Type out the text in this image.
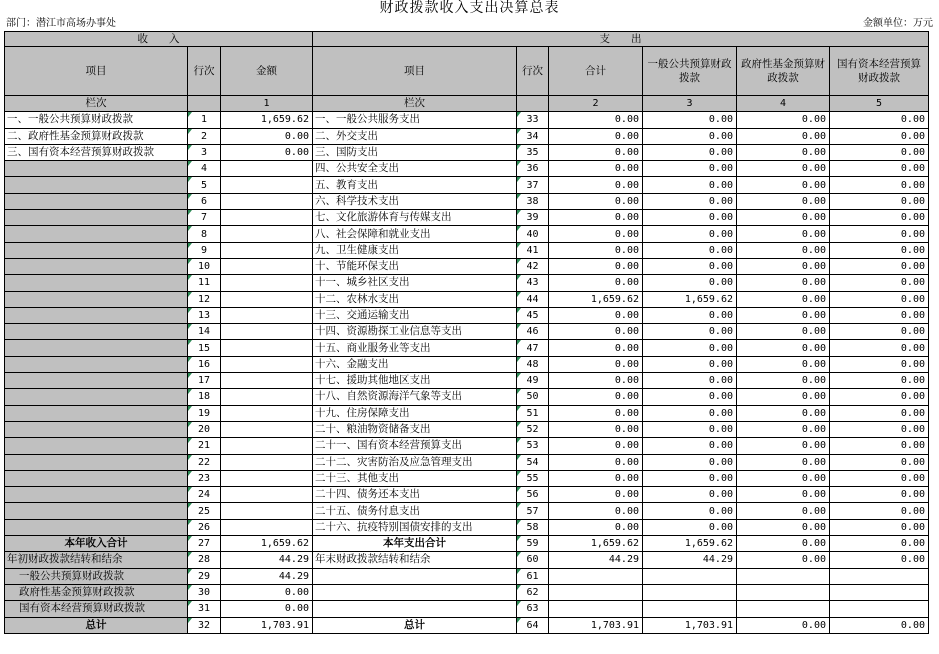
财政拨款收入支出决算总表
部门：潜江市高场办事处	金额单位：万元
收　　入			支　　出					
项目	行次	金额	项目	行次	合计	一般公共预算财政拨款	政府性基金预算财政拨款	国有资本经营预算财政拨款
栏次		1	栏次		2	3	4	5
一、一般公共预算财政拨款	1	1,659.62	一、一般公共服务支出	33	0.00	0.00	0.00	0.00
二、政府性基金预算财政拨款	2	0.00	二、外交支出	34	0.00	0.00	0.00	0.00
三、国有资本经营预算财政拨款	3	0.00	三、国防支出	35	0.00	0.00	0.00	0.00
	4		四、公共安全支出	36	0.00	0.00	0.00	0.00
	5		五、教育支出	37	0.00	0.00	0.00	0.00
	6		六、科学技术支出	38	0.00	0.00	0.00	0.00
	7		七、文化旅游体育与传媒支出	39	0.00	0.00	0.00	0.00
	8		八、社会保障和就业支出	40	0.00	0.00	0.00	0.00
	9		九、卫生健康支出	41	0.00	0.00	0.00	0.00
	10		十、节能环保支出	42	0.00	0.00	0.00	0.00
	11		十一、城乡社区支出	43	0.00	0.00	0.00	0.00
	12		十二、农林水支出	44	1,659.62	1,659.62	0.00	0.00
	13		十三、交通运输支出	45	0.00	0.00	0.00	0.00
	14		十四、资源勘探工业信息等支出	46	0.00	0.00	0.00	0.00
	15		十五、商业服务业等支出	47	0.00	0.00	0.00	0.00
	16		十六、金融支出	48	0.00	0.00	0.00	0.00
	17		十七、援助其他地区支出	49	0.00	0.00	0.00	0.00
	18		十八、自然资源海洋气象等支出	50	0.00	0.00	0.00	0.00
	19		十九、住房保障支出	51	0.00	0.00	0.00	0.00
	20		二十、粮油物资储备支出	52	0.00	0.00	0.00	0.00
	21		二十一、国有资本经营预算支出	53	0.00	0.00	0.00	0.00
	22		二十二、灾害防治及应急管理支出	54	0.00	0.00	0.00	0.00
	23		二十三、其他支出	55	0.00	0.00	0.00	0.00
	24		二十四、债务还本支出	56	0.00	0.00	0.00	0.00
	25		二十五、债务付息支出	57	0.00	0.00	0.00	0.00
	26		二十六、抗疫特别国债安排的支出	58	0.00	0.00	0.00	0.00
本年收入合计	27	1,659.62	本年支出合计	59	1,659.62	1,659.62	0.00	0.00
年初财政拨款结转和结余	28	44.29	年末财政拨款结转和结余	60	44.29	44.29	0.00	0.00
一般公共预算财政拨款	29	44.29		61				
政府性基金预算财政拨款	30	0.00		62				
国有资本经营预算财政拨款	31	0.00		63				
总计	32	1,703.91	总计	64	1,703.91	1,703.91	0.00	0.00
